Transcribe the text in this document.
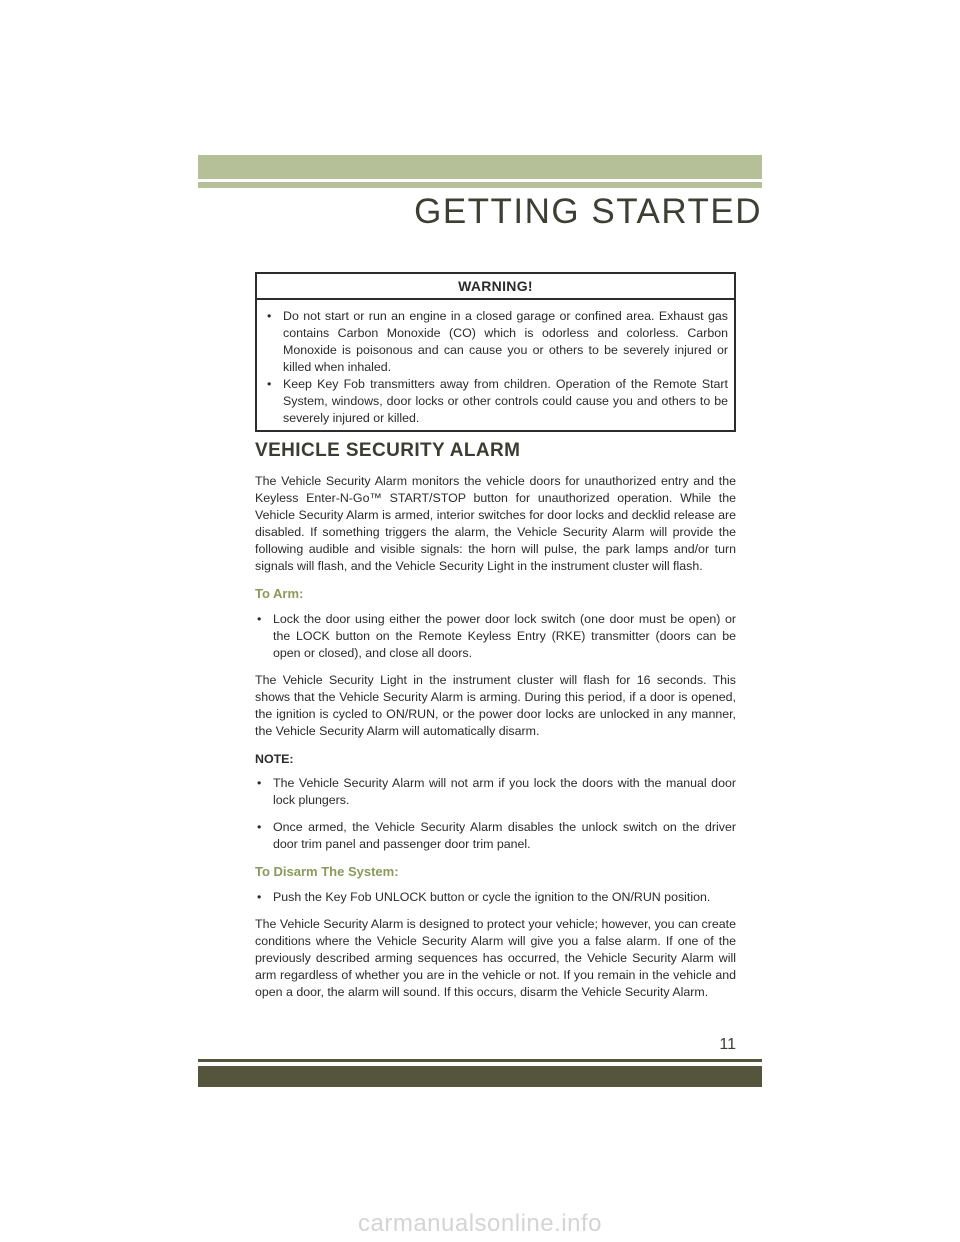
GETTING STARTED
WARNING!
• Do not start or run an engine in a closed garage or confined area. Exhaust gas contains Carbon Monoxide (CO) which is odorless and colorless. Carbon Monoxide is poisonous and can cause you or others to be severely injured or killed when inhaled.
• Keep Key Fob transmitters away from children. Operation of the Remote Start System, windows, door locks or other controls could cause you and others to be severely injured or killed.
VEHICLE SECURITY ALARM

The Vehicle Security Alarm monitors the vehicle doors for unauthorized entry and the Keyless Enter-N-Go™ START/STOP button for unauthorized operation. While the Vehicle Security Alarm is armed, interior switches for door locks and decklid release are disabled. If something triggers the alarm, the Vehicle Security Alarm will provide the following audible and visible signals: the horn will pulse, the park lamps and/or turn signals will flash, and the Vehicle Security Light in the instrument cluster will flash.

To Arm:
• Lock the door using either the power door lock switch (one door must be open) or the LOCK button on the Remote Keyless Entry (RKE) transmitter (doors can be open or closed), and close all doors.

The Vehicle Security Light in the instrument cluster will flash for 16 seconds. This shows that the Vehicle Security Alarm is arming. During this period, if a door is opened, the ignition is cycled to ON/RUN, or the power door locks are unlocked in any manner, the Vehicle Security Alarm will automatically disarm.

NOTE:
• The Vehicle Security Alarm will not arm if you lock the doors with the manual door lock plungers.
• Once armed, the Vehicle Security Alarm disables the unlock switch on the driver door trim panel and passenger door trim panel.
To Disarm The System:
• Push the Key Fob UNLOCK button or cycle the ignition to the ON/RUN position.

The Vehicle Security Alarm is designed to protect your vehicle; however, you can create conditions where the Vehicle Security Alarm will give you a false alarm. If one of the previously described arming sequences has occurred, the Vehicle Security Alarm will arm regardless of whether you are in the vehicle or not. If you remain in the vehicle and open a door, the alarm will sound. If this occurs, disarm the Vehicle Security Alarm.

11
carmanualsonline.info
